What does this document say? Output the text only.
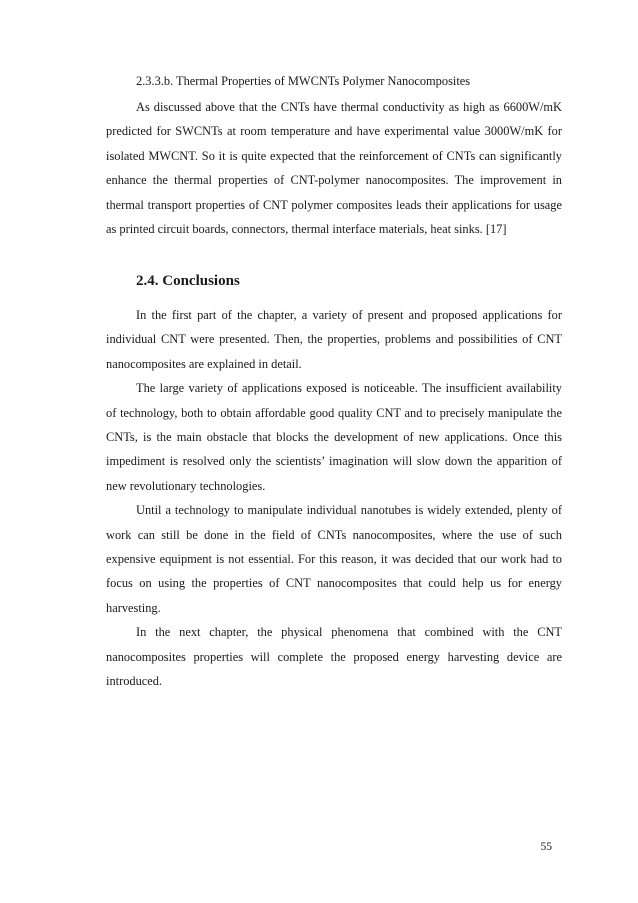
2.3.3.b. Thermal Properties of MWCNTs Polymer Nanocomposites

As discussed above that the CNTs have thermal conductivity as high as 6600W/mK predicted for SWCNTs at room temperature and have experimental value 3000W/mK for isolated MWCNT. So it is quite expected that the reinforcement of CNTs can significantly enhance the thermal properties of CNT-polymer nanocomposites. The improvement in thermal transport properties of CNT polymer composites leads their applications for usage as printed circuit boards, connectors, thermal interface materials, heat sinks. [17]

2.4. Conclusions

In the first part of the chapter, a variety of present and proposed applications for individual CNT were presented. Then, the properties, problems and possibilities of CNT nanocomposites are explained in detail.

The large variety of applications exposed is noticeable. The insufficient availability of technology, both to obtain affordable good quality CNT and to precisely manipulate the CNTs, is the main obstacle that blocks the development of new applications. Once this impediment is resolved only the scientists’ imagination will slow down the apparition of new revolutionary technologies.

Until a technology to manipulate individual nanotubes is widely extended, plenty of work can still be done in the field of CNTs nanocomposites, where the use of such expensive equipment is not essential. For this reason, it was decided that our work had to focus on using the properties of CNT nanocomposites that could help us for energy harvesting.

In the next chapter, the physical phenomena that combined with the CNT nanocomposites properties will complete the proposed energy harvesting device are introduced.

55
